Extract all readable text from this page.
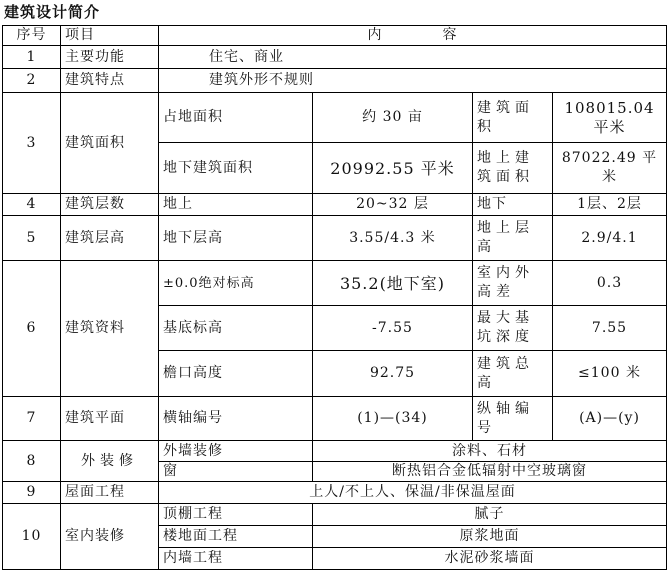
建筑设计简介
序号	项目	内　　　　容			
1	主要功能	住宅、商业			
2	建筑特点	建筑外形不规则			
3	建筑面积	占地面积	约 30 亩	建筑面积	108015.04 平米
		地下建筑面积	20992.55 平米	地上建筑面积	87022.49 平米
4	建筑层数	地上	20~32 层	地下	1层、2层
5	建筑层高	地下层高	3.55/4.3 米	地上层高	2.9/4.1
6	建筑资料	±0.0绝对标高	35.2(地下室)	室内外高差	0.3
		基底标高	-7.55	最大基坑深度	7.55
		檐口高度	92.75	建筑总高	≤100 米
7	建筑平面	横轴编号	(1)—(34)	纵轴编号	(A)—(y)
8	外装修	外墙装修	涂料、石材		
		窗	断热铝合金低辐射中空玻璃窗		
9	屋面工程	上人/不上人、保温/非保温屋面			
10	室内装修	顶棚工程	腻子		
		楼地面工程	原浆地面		
		内墙工程	水泥砂浆墙面		
